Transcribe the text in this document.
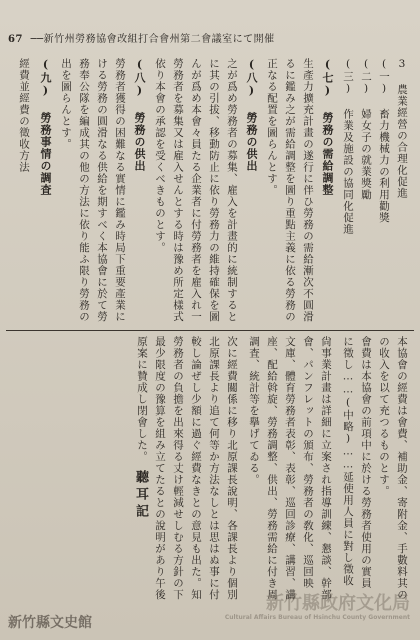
67 ──新竹州勞務協會改組打合會州第二會議室にて開催
3 農業經營の合理化促進
(一) 畜力機械力の利用勸獎
(二) 婦女子の就業獎勵
(三) 作業及施設の協同化促進
(七) 勞務の需給調整
生產力擴充計畫の遂行に伴ひ勞務の需給漸次不圓滑
るに鑑み之が需給調整を圖り重點主義に依る勞務の
正なる配置を圖らんとす。
(八) 勞務の供出
之が爲め勞務者の募集、雇入を計畫的に統制すると
に其の引拔、移動防止に依り勞務力の維持確保を圖
んが爲め本會々員たる企業者に付勞務者を雇入れ一
勞務者を募集又は雇入せんとする時は豫め所定樣式
依り本會の承認を受くべきものとす。
(八) 勞務の供出
勞務者獲得の困難なる實情に鑑み時局下重要產業に
ける勞務の圓滑なる供給を期すべく本協會に於て勞
務奉公隊を編成其の他の方法に依り能ふ限り勞務の
出を圖らんとす。
(九) 勞務事情の調査
經費並經費の徵收方法
本協會の經費は會費、補助金、寄附金、手數料其の
の收入を以て充つるものとす。
會費は本協會の前項中に於ける勞務者使用の實員
に徵し……(中略)……延使用人員に對し徵收
尙事業計畫は詳細に立案され指導訓練、懇談、幹部
會、パンフレットの頒布、勞務者の敎化、巡回映
文庫、體育勞務者表彰、表彰、巡回診療、講習、講
座、配給斡旋、勞務調整、供出、勞務需給に付き周
調査、統計等を擧げてゐる。
次に經費關係に移り北原課長說明、各課長より個別
北原課長より追て何等か方法なしとは思はぬ事に付
較し論ぜし少額に過ぐ經費なきとの意見も出た。知
勞務者の負擔を出來得る丈け輕減せしむる方針の下
最少限度の豫算を組み立てたるとの說明があり午後
原案に贊成し閉會した。
聽耳記
新竹縣文史館
新竹縣政府文化局
Cultural Affairs Bureau of Hsinchu County Government
